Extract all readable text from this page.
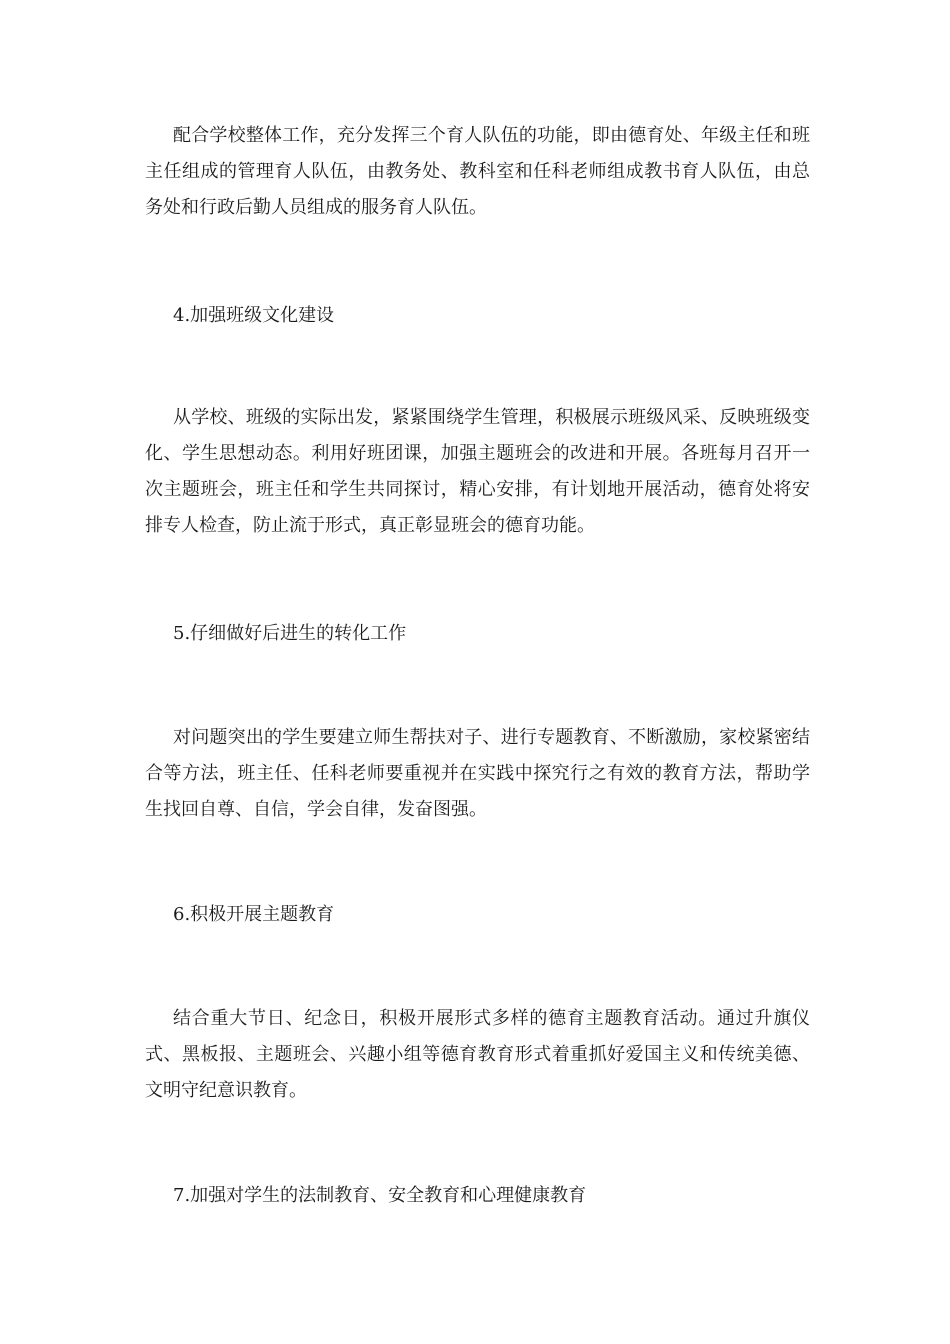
配合学校整体工作，充分发挥三个育人队伍的功能，即由德育处、年级主任和班主任组成的管理育人队伍，由教务处、教科室和任科老师组成教书育人队伍，由总务处和行政后勤人员组成的服务育人队伍。

4.加强班级文化建设

从学校、班级的实际出发，紧紧围绕学生管理，积极展示班级风采、反映班级变化、学生思想动态。利用好班团课，加强主题班会的改进和开展。各班每月召开一次主题班会，班主任和学生共同探讨，精心安排，有计划地开展活动，德育处将安排专人检查，防止流于形式，真正彰显班会的德育功能。

5.仔细做好后进生的转化工作

对问题突出的学生要建立师生帮扶对子、进行专题教育、不断激励，家校紧密结合等方法，班主任、任科老师要重视并在实践中探究行之有效的教育方法，帮助学生找回自尊、自信，学会自律，发奋图强。

6.积极开展主题教育

结合重大节日、纪念日，积极开展形式多样的德育主题教育活动。通过升旗仪式、黑板报、主题班会、兴趣小组等德育教育形式着重抓好爱国主义和传统美德、文明守纪意识教育。

7.加强对学生的法制教育、安全教育和心理健康教育
